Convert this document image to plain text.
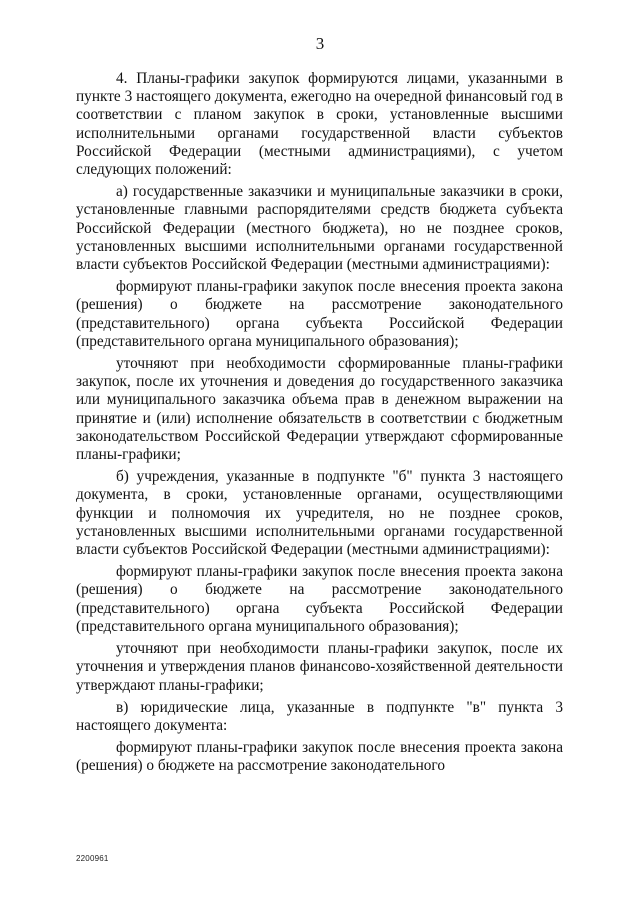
3

4. Планы-графики закупок формируются лицами, указанными в пункте 3 настоящего документа, ежегодно на очередной финансовый год в соответствии с планом закупок в сроки, установленные высшими исполнительными органами государственной власти субъектов Российской Федерации (местными администрациями), с учетом следующих положений:

а) государственные заказчики и муниципальные заказчики в сроки, установленные главными распорядителями средств бюджета субъекта Российской Федерации (местного бюджета), но не позднее сроков, установленных высшими исполнительными органами государственной власти субъектов Российской Федерации (местными администрациями):

формируют планы-графики закупок после внесения проекта закона (решения) о бюджете на рассмотрение законодательного (представительного) органа субъекта Российской Федерации (представительного органа муниципального образования);

уточняют при необходимости сформированные планы-графики закупок, после их уточнения и доведения до государственного заказчика или муниципального заказчика объема прав в денежном выражении на принятие и (или) исполнение обязательств в соответствии с бюджетным законодательством Российской Федерации утверждают сформированные планы-графики;

б) учреждения, указанные в подпункте "б" пункта 3 настоящего документа, в сроки, установленные органами, осуществляющими функции и полномочия их учредителя, но не позднее сроков, установленных высшими исполнительными органами государственной власти субъектов Российской Федерации (местными администрациями):

формируют планы-графики закупок после внесения проекта закона (решения) о бюджете на рассмотрение законодательного (представительного) органа субъекта Российской Федерации (представительного органа муниципального образования);

уточняют при необходимости планы-графики закупок, после их уточнения и утверждения планов финансово-хозяйственной деятельности утверждают планы-графики;

в) юридические лица, указанные в подпункте "в" пункта 3 настоящего документа:

формируют планы-графики закупок после внесения проекта закона (решения) о бюджете на рассмотрение законодательного

2200961
